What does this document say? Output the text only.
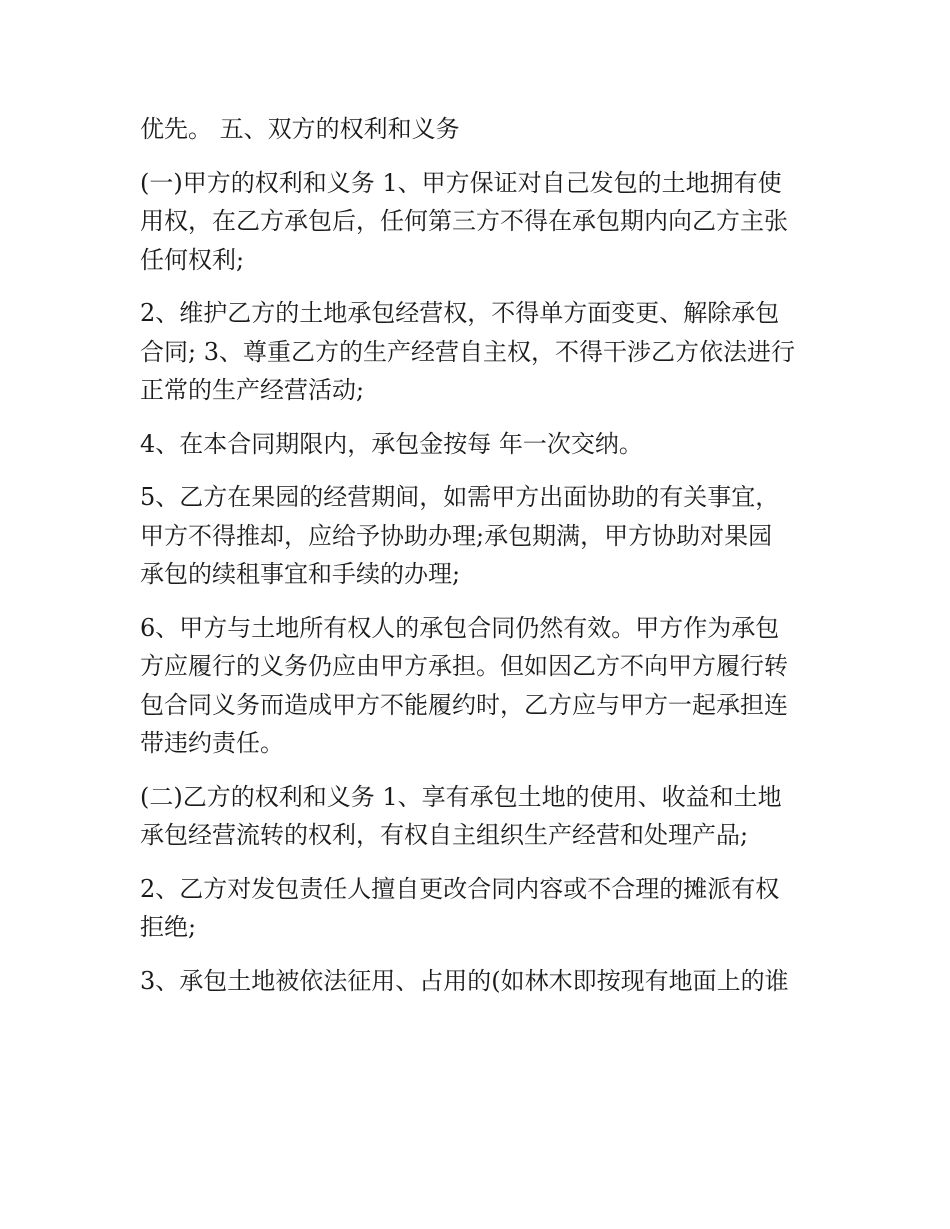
优先。 五、双方的权利和义务
(一)甲方的权利和义务 1、甲方保证对自己发包的土地拥有使
用权，在乙方承包后，任何第三方不得在承包期内向乙方主张
任何权利;
2、维护乙方的土地承包经营权，不得单方面变更、解除承包
合同; 3、尊重乙方的生产经营自主权，不得干涉乙方依法进行
正常的生产经营活动;
4、在本合同期限内，承包金按每 年一次交纳。
5、乙方在果园的经营期间，如需甲方出面协助的有关事宜，
甲方不得推却，应给予协助办理;承包期满，甲方协助对果园
承包的续租事宜和手续的办理;
6、甲方与土地所有权人的承包合同仍然有效。甲方作为承包
方应履行的义务仍应由甲方承担。但如因乙方不向甲方履行转
包合同义务而造成甲方不能履约时，乙方应与甲方一起承担连
带违约责任。
(二)乙方的权利和义务 1、享有承包土地的使用、收益和土地
承包经营流转的权利，有权自主组织生产经营和处理产品;
2、乙方对发包责任人擅自更改合同内容或不合理的摊派有权
拒绝;
3、承包土地被依法征用、占用的(如林木即按现有地面上的谁
